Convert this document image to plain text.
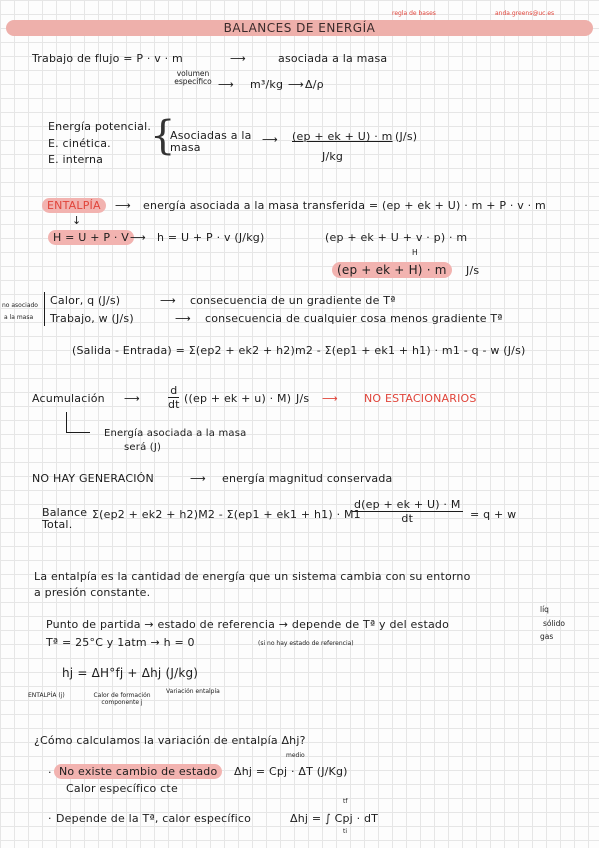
BALANCES DE ENERGÍA
regla de bases	anda.greens@uc.es
Trabajo de flujo = P · v · m	⟶	asociada a la masa
volumen específico ⟶ m³/kg ⟶ Δ/ρ
Energía potencial.
E. cinética.
E. interna
{
Asociadas a la masa
⟶ (ep + ek + U) · m (J/s)
J/kg
ENTALPÍA	⟶ energía asociada a la masa transferida = (ep + ek + U) · m + P · v · m
↓
H = U + P · V ⟶ h = U + P · v (J/kg)	(ep + ek + U + v · p) · m
H
(ep + ek + H) · m	J/s
no asociado
a la masa
Calor, q (J/s)	⟶ consecuencia de un gradiente de Tª
Trabajo, w (J/s)	⟶ consecuencia de cualquier cosa menos gradiente Tª
(Salida - Entrada) = Σ(ep2 + ek2 + h2)m2 - Σ(ep1 + ek1 + h1) · m1 - q - w (J/s)
Acumulación ⟶ $\frac{d}{dt} ((ep$ + ek + u) · M) J/s ⟶ NO ESTACIONARIOS
Energía asociada a la masa
será (J)
NO HAY GENERACIÓN	⟶ energía magnitud conservada
Balance
Total.
Σ(ep2 + ek2 + h2)M2 - Σ(ep1 + ek1 + h1) · M1
$\frac{d(ep + ek + U) \cdot M}{dt} = q + w$
La entalpía es la cantidad de energía que un sistema cambia con su entorno
a presión constante.
Punto de partida → estado de referencia → depende de Tª y del estado
líq
sólido
gas
Tª = 25°C y 1atm → h = 0	(si no hay estado de referencia)
hj = ΔH°fj + Δhj (J/kg)
ENTALPÍA (j)	Calor de formación componente j
Variación entalpía
¿Cómo calculamos la variación de entalpía Δhj?
· No existe cambio de estado	Δhj = Cpj · ΔT (J/Kg)
medio
Calor específico cte
· Depende de la Tª, calor específico	Δhj = ∫ Cpj · dT
tf
ti
